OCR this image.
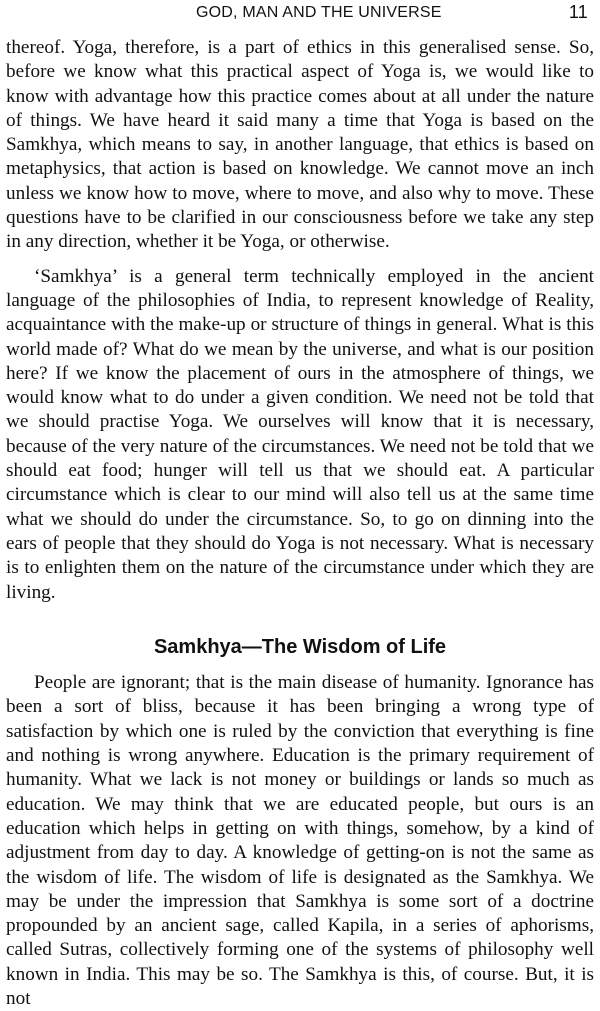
GOD, MAN AND THE UNIVERSE	11

thereof. Yoga, therefore, is a part of ethics in this generalised sense. So, before we know what this practical aspect of Yoga is, we would like to know with advantage how this practice comes about at all under the nature of things. We have heard it said many a time that Yoga is based on the Samkhya, which means to say, in another language, that ethics is based on metaphysics, that action is based on knowledge. We cannot move an inch unless we know how to move, where to move, and also why to move. These questions have to be clarified in our consciousness before we take any step in any direction, whether it be Yoga, or otherwise.

‘Samkhya’ is a general term technically employed in the ancient language of the philosophies of India, to represent knowledge of Reality, acquaintance with the make-up or structure of things in general. What is this world made of? What do we mean by the universe, and what is our position here? If we know the placement of ours in the atmosphere of things, we would know what to do under a given condition. We need not be told that we should practise Yoga. We ourselves will know that it is necessary, because of the very nature of the circumstances. We need not be told that we should eat food; hunger will tell us that we should eat. A particular circumstance which is clear to our mind will also tell us at the same time what we should do under the circumstance. So, to go on dinning into the ears of people that they should do Yoga is not necessary. What is necessary is to enlighten them on the nature of the circumstance under which they are living.

Samkhya—The Wisdom of Life

People are ignorant; that is the main disease of humanity. Ignorance has been a sort of bliss, because it has been bringing a wrong type of satisfaction by which one is ruled by the conviction that everything is fine and nothing is wrong anywhere. Education is the primary requirement of humanity. What we lack is not money or buildings or lands so much as education. We may think that we are educated people, but ours is an education which helps in getting on with things, somehow, by a kind of adjustment from day to day. A knowledge of getting-on is not the same as the wisdom of life. The wisdom of life is designated as the Samkhya. We may be under the impression that Samkhya is some sort of a doctrine propounded by an ancient sage, called Kapila, in a series of aphorisms, called Sutras, collectively forming one of the systems of philosophy well known in India. This may be so. The Samkhya is this, of course. But, it is not
